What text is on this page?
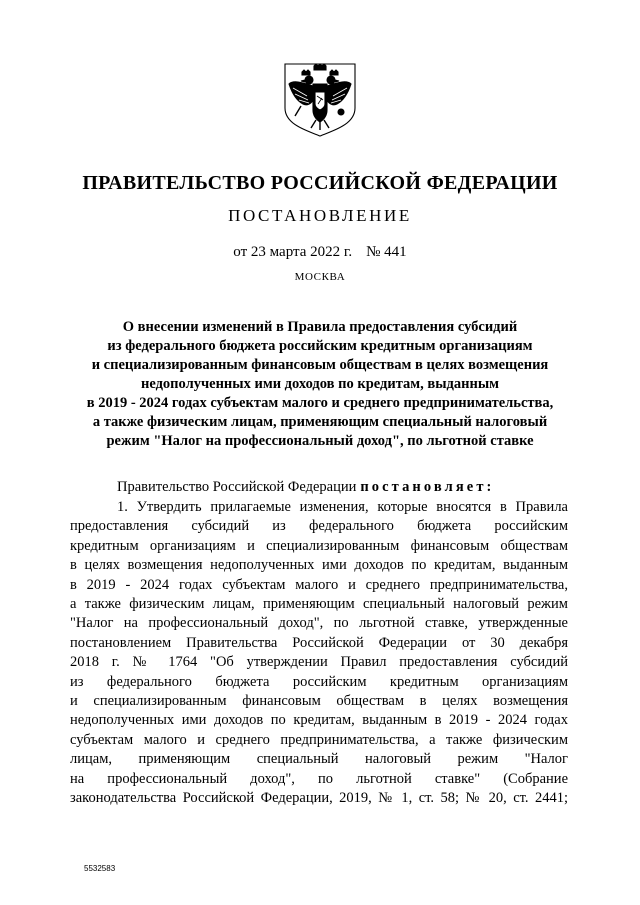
ПРАВИТЕЛЬСТВО РОССИЙСКОЙ ФЕДЕРАЦИИ
ПОСТАНОВЛЕНИЕ
от 23 марта 2022 г. № 441
МОСКВА
О внесении изменений в Правила предоставления субсидий
из федерального бюджета российским кредитным организациям
и специализированным финансовым обществам в целях возмещения
недополученных ими доходов по кредитам, выданным
в 2019 - 2024 годах субъектам малого и среднего предпринимательства,
а также физическим лицам, применяющим специальный налоговый
режим "Налог на профессиональный доход", по льготной ставке
Правительство Российской Федерации постановляет:
1. Утвердить прилагаемые изменения, которые вносятся в Правила
предоставления субсидий из федерального бюджета российским
кредитным организациям и специализированным финансовым обществам
в целях возмещения недополученных ими доходов по кредитам, выданным
в 2019 - 2024 годах субъектам малого и среднего предпринимательства,
а также физическим лицам, применяющим специальный налоговый режим
"Налог на профессиональный доход", по льготной ставке, утвержденные
постановлением Правительства Российской Федерации от 30 декабря
2018 г. № 1764 "Об утверждении Правил предоставления субсидий
из федерального бюджета российским кредитным организациям
и специализированным финансовым обществам в целях возмещения
недополученных ими доходов по кредитам, выданным в 2019 - 2024 годах
субъектам малого и среднего предпринимательства, а также физическим
лицам, применяющим специальный налоговый режим "Налог
на профессиональный доход", по льготной ставке" (Собрание
законодательства Российской Федерации, 2019, № 1, ст. 58; № 20, ст. 2441;
5532583
